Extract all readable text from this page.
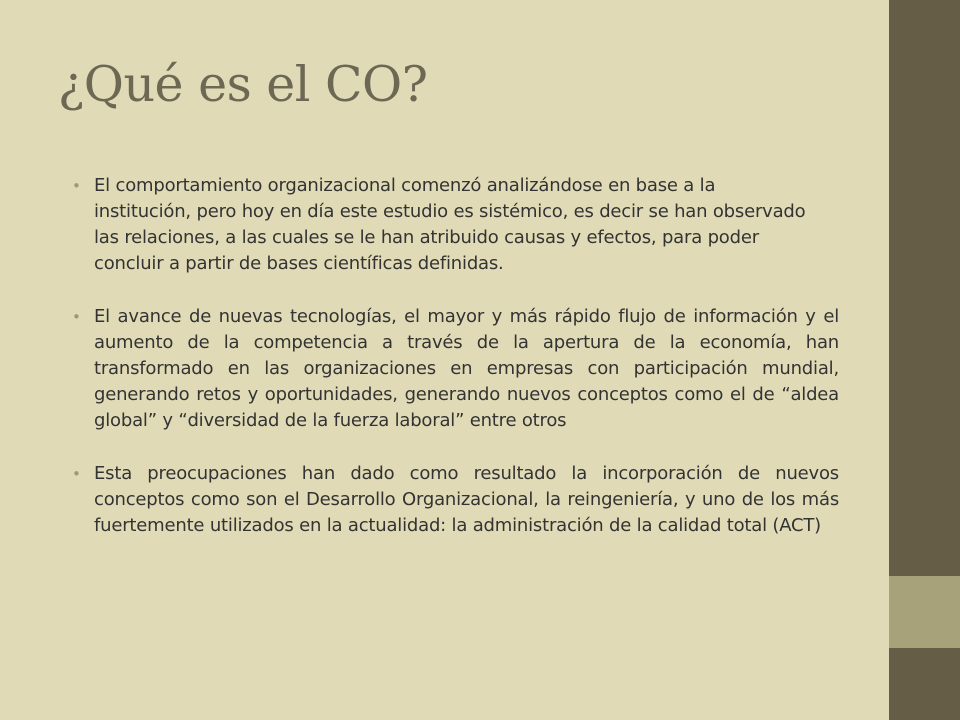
¿Qué es el CO?
• El comportamiento organizacional comenzó analizándose en base a la institución, pero hoy en día este estudio es sistémico, es decir se han observado las relaciones, a las cuales se le han atribuido causas y efectos, para poder concluir a partir de bases científicas definidas.
• El avance de nuevas tecnologías, el mayor y más rápido flujo de información y el aumento de la competencia a través de la apertura de la economía, han transformado en las organizaciones en empresas con participación mundial, generando retos y oportunidades, generando nuevos conceptos como el de “aldea global” y “diversidad de la fuerza laboral” entre otros
• Esta preocupaciones han dado como resultado la incorporación de nuevos conceptos como son el Desarrollo Organizacional, la reingeniería, y uno de los más fuertemente utilizados en la actualidad: la administración de la calidad total (ACT)
